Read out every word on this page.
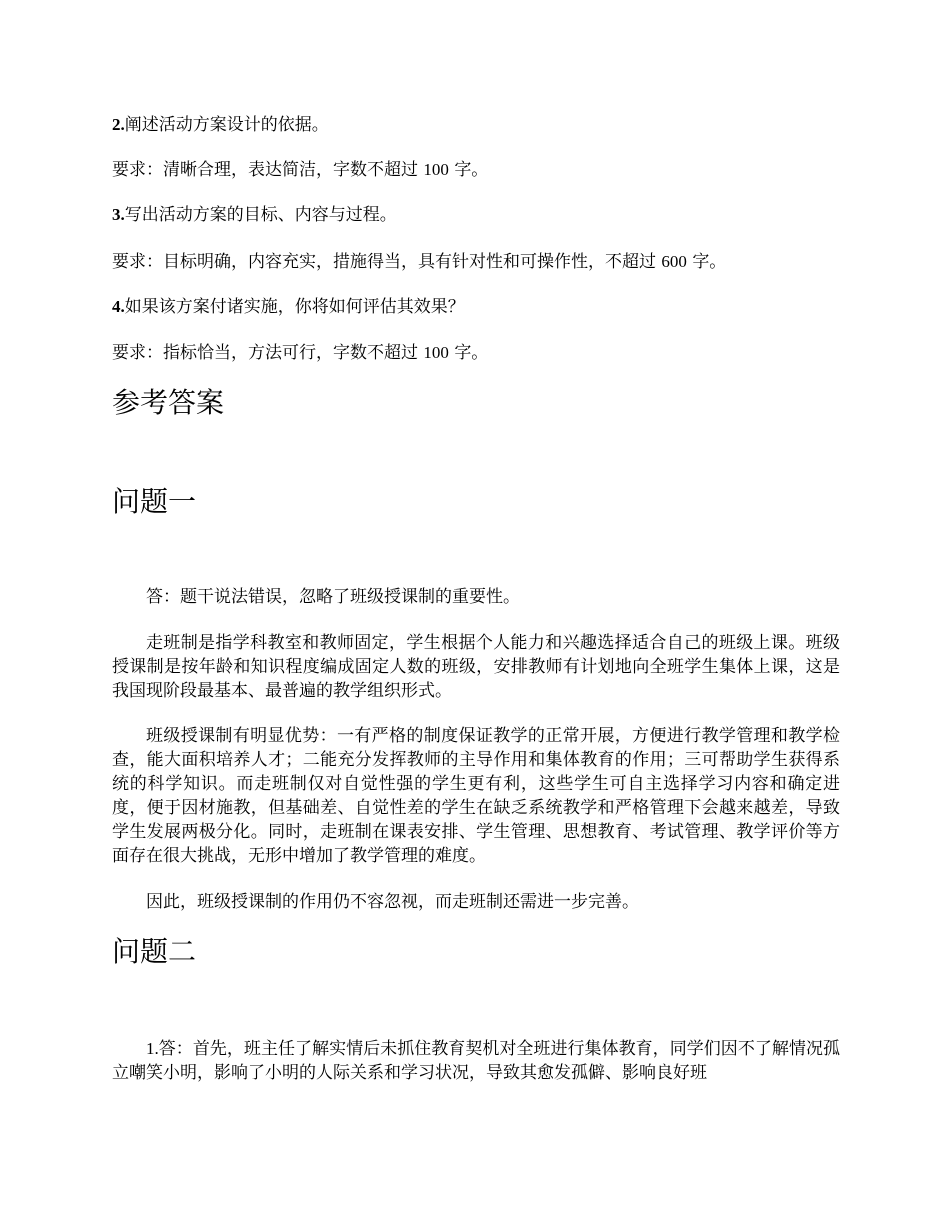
2.阐述活动方案设计的依据。
要求：清晰合理，表达简洁，字数不超过 100 字。
3.写出活动方案的目标、内容与过程。
要求：目标明确，内容充实，措施得当，具有针对性和可操作性，不超过 600 字。
4.如果该方案付诸实施，你将如何评估其效果？
要求：指标恰当，方法可行，字数不超过 100 字。
参考答案
问题一

答：题干说法错误，忽略了班级授课制的重要性。

走班制是指学科教室和教师固定，学生根据个人能力和兴趣选择适合自己的班级上课。班级授课制是按年龄和知识程度编成固定人数的班级，安排教师有计划地向全班学生集体上课，这是我国现阶段最基本、最普遍的教学组织形式。

班级授课制有明显优势：一有严格的制度保证教学的正常开展，方便进行教学管理和教学检查，能大面积培养人才；二能充分发挥教师的主导作用和集体教育的作用；三可帮助学生获得系统的科学知识。而走班制仅对自觉性强的学生更有利，这些学生可自主选择学习内容和确定进度，便于因材施教，但基础差、自觉性差的学生在缺乏系统教学和严格管理下会越来越差，导致学生发展两极分化。同时，走班制在课表安排、学生管理、思想教育、考试管理、教学评价等方面存在很大挑战，无形中增加了教学管理的难度。

因此，班级授课制的作用仍不容忽视，而走班制还需进一步完善。

问题二

1.答：首先，班主任了解实情后未抓住教育契机对全班进行集体教育，同学们因不了解情况孤立嘲笑小明，影响了小明的人际关系和学习状况，导致其愈发孤僻、影响良好班
